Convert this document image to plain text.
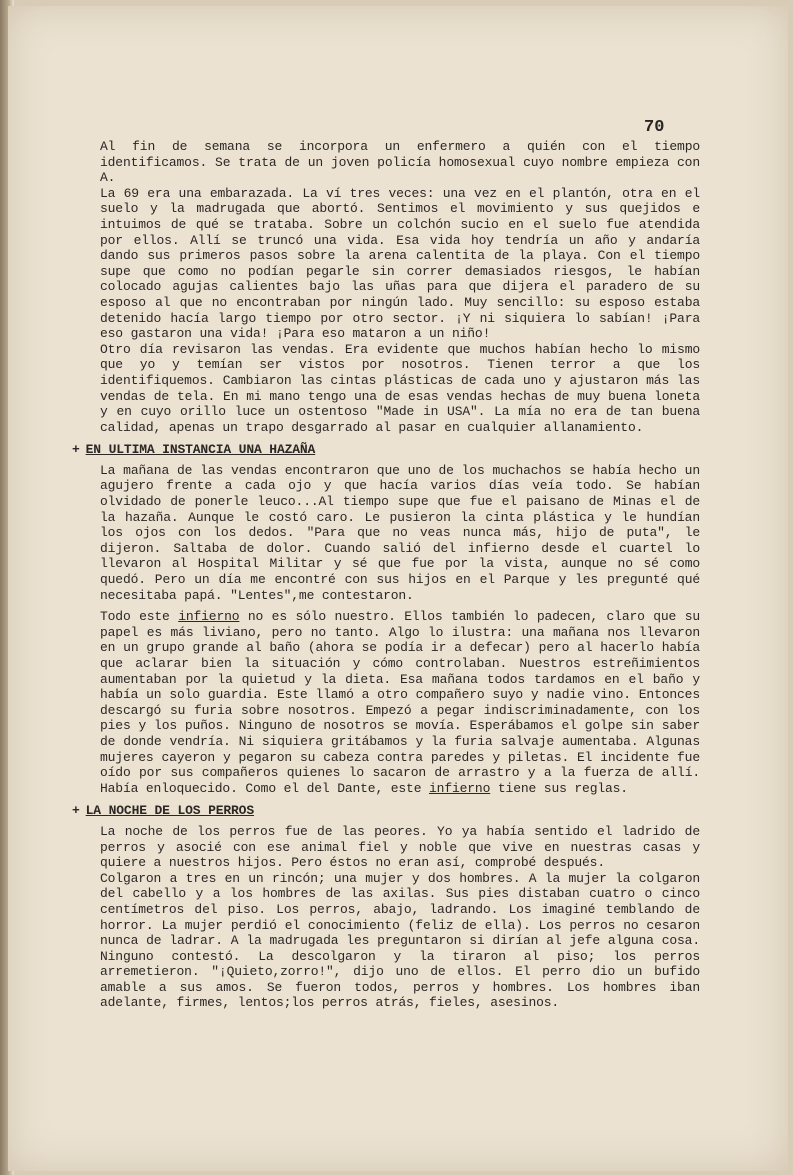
70

Al fin de semana se incorpora un enfermero a quién con el tiempo identificamos. Se trata de un joven policía homosexual cuyo nombre empieza con A.

La 69 era una embarazada. La ví tres veces: una vez en el plantón, otra en el suelo y la madrugada que abortó. Sentimos el movimiento y sus quejidos e intuimos de qué se trataba. Sobre un colchón sucio en el suelo fue atendida por ellos. Allí se truncó una vida. Esa vida hoy tendría un año y andaría dando sus primeros pasos sobre la arena calentita de la playa. Con el tiempo supe que como no podían pegarle sin correr demasiados riesgos, le habían colocado agujas calientes bajo las uñas para que dijera el paradero de su esposo al que no encontraban por ningún lado. Muy sencillo: su esposo estaba detenido hacía largo tiempo por otro sector. ¡Y ni siquiera lo sabían! ¡Para eso gastaron una vida! ¡Para eso mataron a un niño!

Otro día revisaron las vendas. Era evidente que muchos habían hecho lo mismo que yo y temían ser vistos por nosotros. Tienen terror a que los identifiquemos. Cambiaron las cintas plásticas de cada uno y ajustaron más las vendas de tela. En mi mano tengo una de esas vendas hechas de muy buena loneta y en cuyo orillo luce un ostentoso "Made in USA". La mía no era de tan buena calidad, apenas un trapo desgarrado al pasar en cualquier allanamiento.

+ EN ULTIMA INSTANCIA UNA HAZAÑA

La mañana de las vendas encontraron que uno de los muchachos se había hecho un agujero frente a cada ojo y que hacía varios días veía todo. Se habían olvidado de ponerle leuco...Al tiempo supe que fue el paisano de Minas el de la hazaña. Aunque le costó caro. Le pusieron la cinta plástica y le hundían los ojos con los dedos. "Para que no veas nunca más, hijo de puta", le dijeron. Saltaba de dolor. Cuando salió del infierno desde el cuartel lo llevaron al Hospital Militar y sé que fue por la vista, aunque no sé como quedó. Pero un día me encontré con sus hijos en el Parque y les pregunté qué necesitaba papá. "Lentes",me contestaron.

Todo este infierno no es sólo nuestro. Ellos también lo padecen, claro que su papel es más liviano, pero no tanto. Algo lo ilustra: una mañana nos llevaron en un grupo grande al baño (ahora se podía ir a defecar) pero al hacerlo había que aclarar bien la situación y cómo controlaban. Nuestros estreñimientos aumentaban por la quietud y la dieta. Esa mañana todos tardamos en el baño y había un solo guardia. Este llamó a otro compañero suyo y nadie vino. Entonces descargó su furia sobre nosotros. Empezó a pegar indiscriminadamente, con los pies y los puños. Ninguno de nosotros se movía. Esperábamos el golpe sin saber de donde vendría. Ni siquiera gritábamos y la furia salvaje aumentaba. Algunas mujeres cayeron y pegaron su cabeza contra paredes y piletas. El incidente fue oído por sus compañeros quienes lo sacaron de arrastro y a la fuerza de allí. Había enloquecido. Como el del Dante, este infierno tiene sus reglas.

+ LA NOCHE DE LOS PERROS

La noche de los perros fue de las peores. Yo ya había sentido el ladrido de perros y asocié con ese animal fiel y noble que vive en nuestras casas y quiere a nuestros hijos. Pero éstos no eran así, comprobé después.

Colgaron a tres en un rincón; una mujer y dos hombres. A la mujer la colgaron del cabello y a los hombres de las axilas. Sus pies distaban cuatro o cinco centímetros del piso. Los perros, abajo, ladrando. Los imaginé temblando de horror. La mujer perdió el conocimiento (feliz de ella). Los perros no cesaron nunca de ladrar. A la madrugada les preguntaron si dirían al jefe alguna cosa. Ninguno contestó. La descolgaron y la tiraron al piso; los perros arremetieron. "¡Quieto,zorro!", dijo uno de ellos. El perro dio un bufido amable a sus amos. Se fueron todos, perros y hombres. Los hombres iban adelante, firmes, lentos;los perros atrás, fieles, asesinos.
